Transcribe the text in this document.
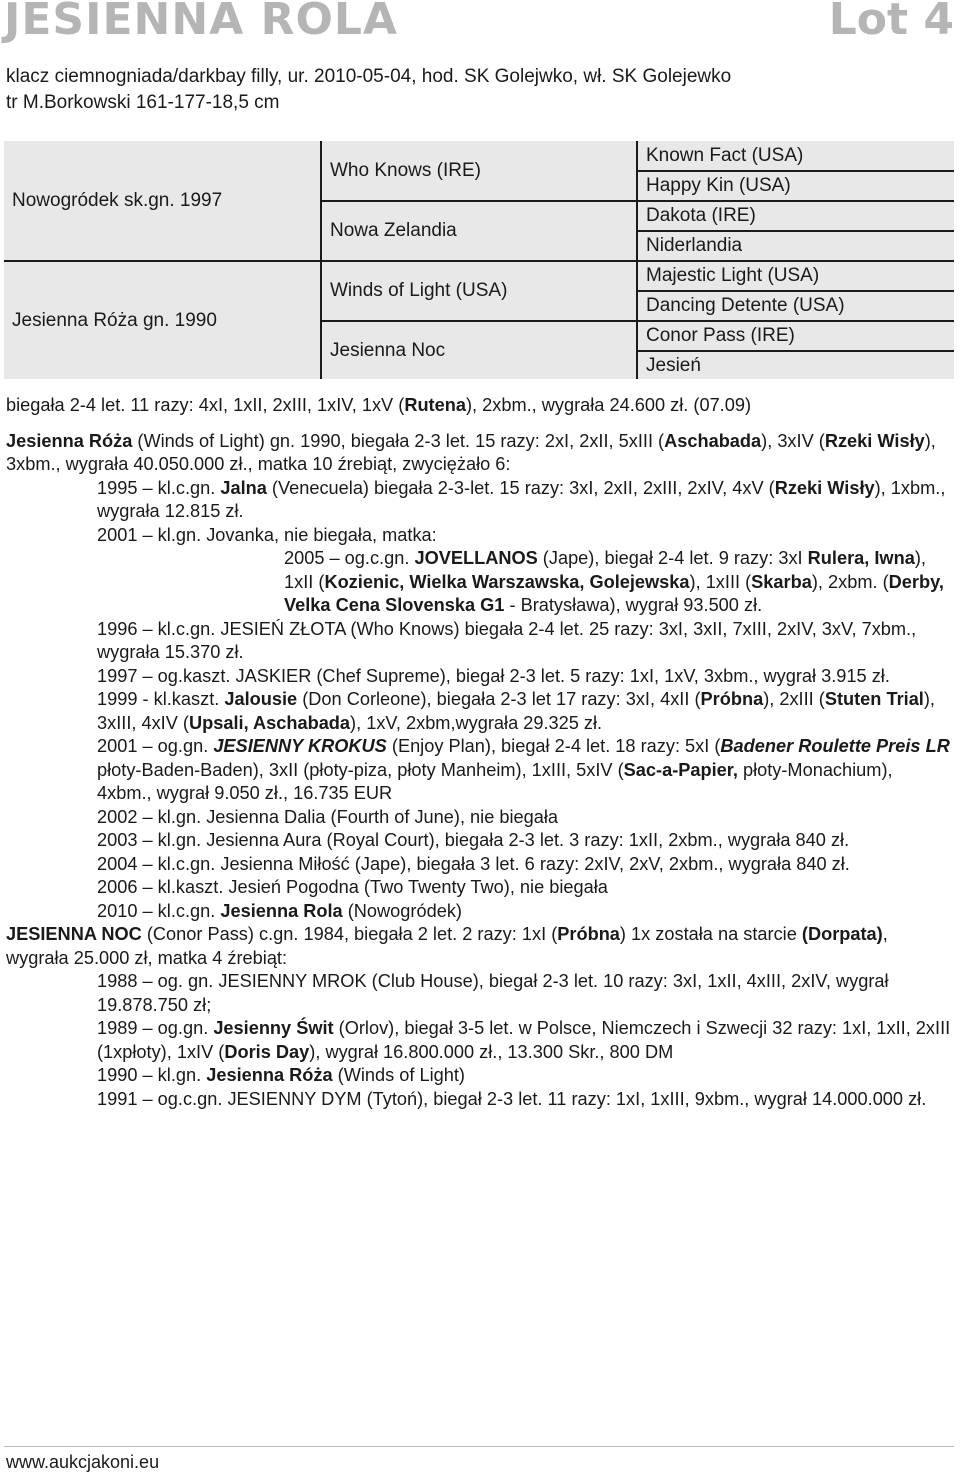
JESIENNA ROLA	Lot 4
klacz ciemnogniada/darkbay filly, ur. 2010-05-04, hod. SK Golejwko, wł. SK Golejewko
tr M.Borkowski 161-177-18,5 cm
Nowogródek sk.gn. 1997
Jesienna Róża gn. 1990
Who Knows (IRE)
Nowa Zelandia
Winds of Light (USA)
Jesienna Noc
Known Fact (USA)
Happy Kin (USA)
Dakota (IRE)
Niderlandia
Majestic Light (USA)
Dancing Detente (USA)
Conor Pass (IRE)
Jesień

biegała 2-4 let. 11 razy: 4xI, 1xII, 2xIII, 1xIV, 1xV (Rutena), 2xbm., wygrała 24.600 zł. (07.09)

Jesienna Róża (Winds of Light) gn. 1990, biegała 2-3 let. 15 razy: 2xI, 2xII, 5xIII (Aschabada), 3xIV (Rzeki Wisły), 3xbm., wygrała 40.050.000 zł., matka 10 źrebiąt, zwyciężało 6:

1995 – kl.c.gn. Jalna (Venecuela) biegała 2-3-let. 15 razy: 3xI, 2xII, 2xIII, 2xIV, 4xV (Rzeki Wisły), 1xbm., wygrała 12.815 zł.

2001 – kl.gn. Jovanka, nie biegała, matka:

2005 – og.c.gn. JOVELLANOS (Jape), biegał 2-4 let. 9 razy: 3xI Rulera, Iwna), 1xII (Kozienic, Wielka Warszawska, Golejewska), 1xIII (Skarba), 2xbm. (Derby, Velka Cena Slovenska G1 - Bratysława), wygrał 93.500 zł.

1996 – kl.c.gn. JESIEŃ ZŁOTA (Who Knows) biegała 2-4 let. 25 razy: 3xI, 3xII, 7xIII, 2xIV, 3xV, 7xbm., wygrała 15.370 zł.

1997 – og.kaszt. JASKIER (Chef Supreme), biegał 2-3 let. 5 razy: 1xI, 1xV, 3xbm., wygrał 3.915 zł.

1999 - kl.kaszt. Jalousie (Don Corleone), biegała 2-3 let 17 razy: 3xI, 4xII (Próbna), 2xIII (Stuten Trial), 3xIII, 4xIV (Upsali, Aschabada), 1xV, 2xbm,wygrała 29.325 zł.

2001 – og.gn. JESIENNY KROKUS (Enjoy Plan), biegał 2-4 let. 18 razy: 5xI (Badener Roulette Preis LR płoty-Baden-Baden), 3xII (płoty-piza, płoty Manheim), 1xIII, 5xIV (Sac-a-Papier, płoty-Monachium), 4xbm., wygrał 9.050 zł., 16.735 EUR

2002 – kl.gn. Jesienna Dalia (Fourth of June), nie biegała

2003 – kl.gn. Jesienna Aura (Royal Court), biegała 2-3 let. 3 razy: 1xII, 2xbm., wygrała 840 zł.

2004 – kl.c.gn. Jesienna Miłość (Jape), biegała 3 let. 6 razy: 2xIV, 2xV, 2xbm., wygrała 840 zł.

2006 – kl.kaszt. Jesień Pogodna (Two Twenty Two), nie biegała

2010 – kl.c.gn. Jesienna Rola (Nowogródek)

JESIENNA NOC (Conor Pass) c.gn. 1984, biegała 2 let. 2 razy: 1xI (Próbna) 1x została na starcie (Dorpata), wygrała 25.000 zł, matka 4 źrebiąt:

1988 – og. gn. JESIENNY MROK (Club House), biegał 2-3 let. 10 razy: 3xI, 1xII, 4xIII, 2xIV, wygrał 19.878.750 zł;

1989 – og.gn. Jesienny Świt (Orlov), biegał 3-5 let. w Polsce, Niemczech i Szwecji 32 razy: 1xI, 1xII, 2xIII (1xpłoty), 1xIV (Doris Day), wygrał 16.800.000 zł., 13.300 Skr., 800 DM

1990 – kl.gn. Jesienna Róża (Winds of Light)

1991 – og.c.gn. JESIENNY DYM (Tytoń), biegał 2-3 let. 11 razy: 1xI, 1xIII, 9xbm., wygrał 14.000.000 zł.

www.aukcjakoni.eu
